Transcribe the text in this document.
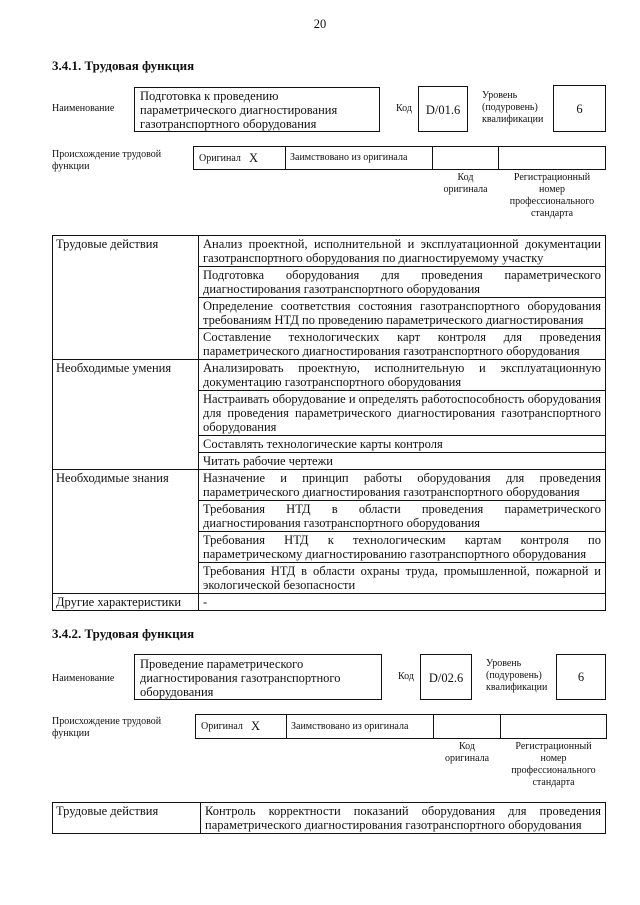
20
3.4.1. Трудовая функция
Наименование
Подготовка к проведению
параметрического диагностирования
газотранспортного оборудования
Код	D/01.6
Уровень
(подуровень)
квалификации
6
Происхождение трудовой
функции
Оригинал X	Заимствовано из оригинала
Код
оригинала
Регистрационный
номер
профессионального
стандарта
Трудовые действия	Анализ проектной, исполнительной и эксплуатационной документации газотранспортного оборудования по диагностируемому участку
	Подготовка оборудования для проведения параметрического диагностирования газотранспортного оборудования
	Определение соответствия состояния газотранспортного оборудования требованиям НТД по проведению параметрического диагностирования
	Составление технологических карт контроля для проведения параметрического диагностирования газотранспортного оборудования
Необходимые умения	Анализировать проектную, исполнительную и эксплуатационную документацию газотранспортного оборудования
	Настраивать оборудование и определять работоспособность оборудования для проведения параметрического диагностирования газотранспортного оборудования
	Составлять технологические карты контроля
	Читать рабочие чертежи
Необходимые знания	Назначение и принцип работы оборудования для проведения параметрического диагностирования газотранспортного оборудования
	Требования НТД в области проведения параметрического диагностирования газотранспортного оборудования
	Требования НТД к технологическим картам контроля по параметрическому диагностированию газотранспортного оборудования
	Требования НТД в области охраны труда, промышленной, пожарной и экологической безопасности
Другие характеристики	-
3.4.2. Трудовая функция
Наименование
Проведение параметрического
диагностирования газотранспортного
оборудования
Код	D/02.6
Уровень
(подуровень)
квалификации
6
Происхождение трудовой
функции
Оригинал X	Заимствовано из оригинала
Код
оригинала
Регистрационный
номер
профессионального
стандарта
Трудовые действия	Контроль корректности показаний оборудования для проведения параметрического диагностирования газотранспортного оборудования
